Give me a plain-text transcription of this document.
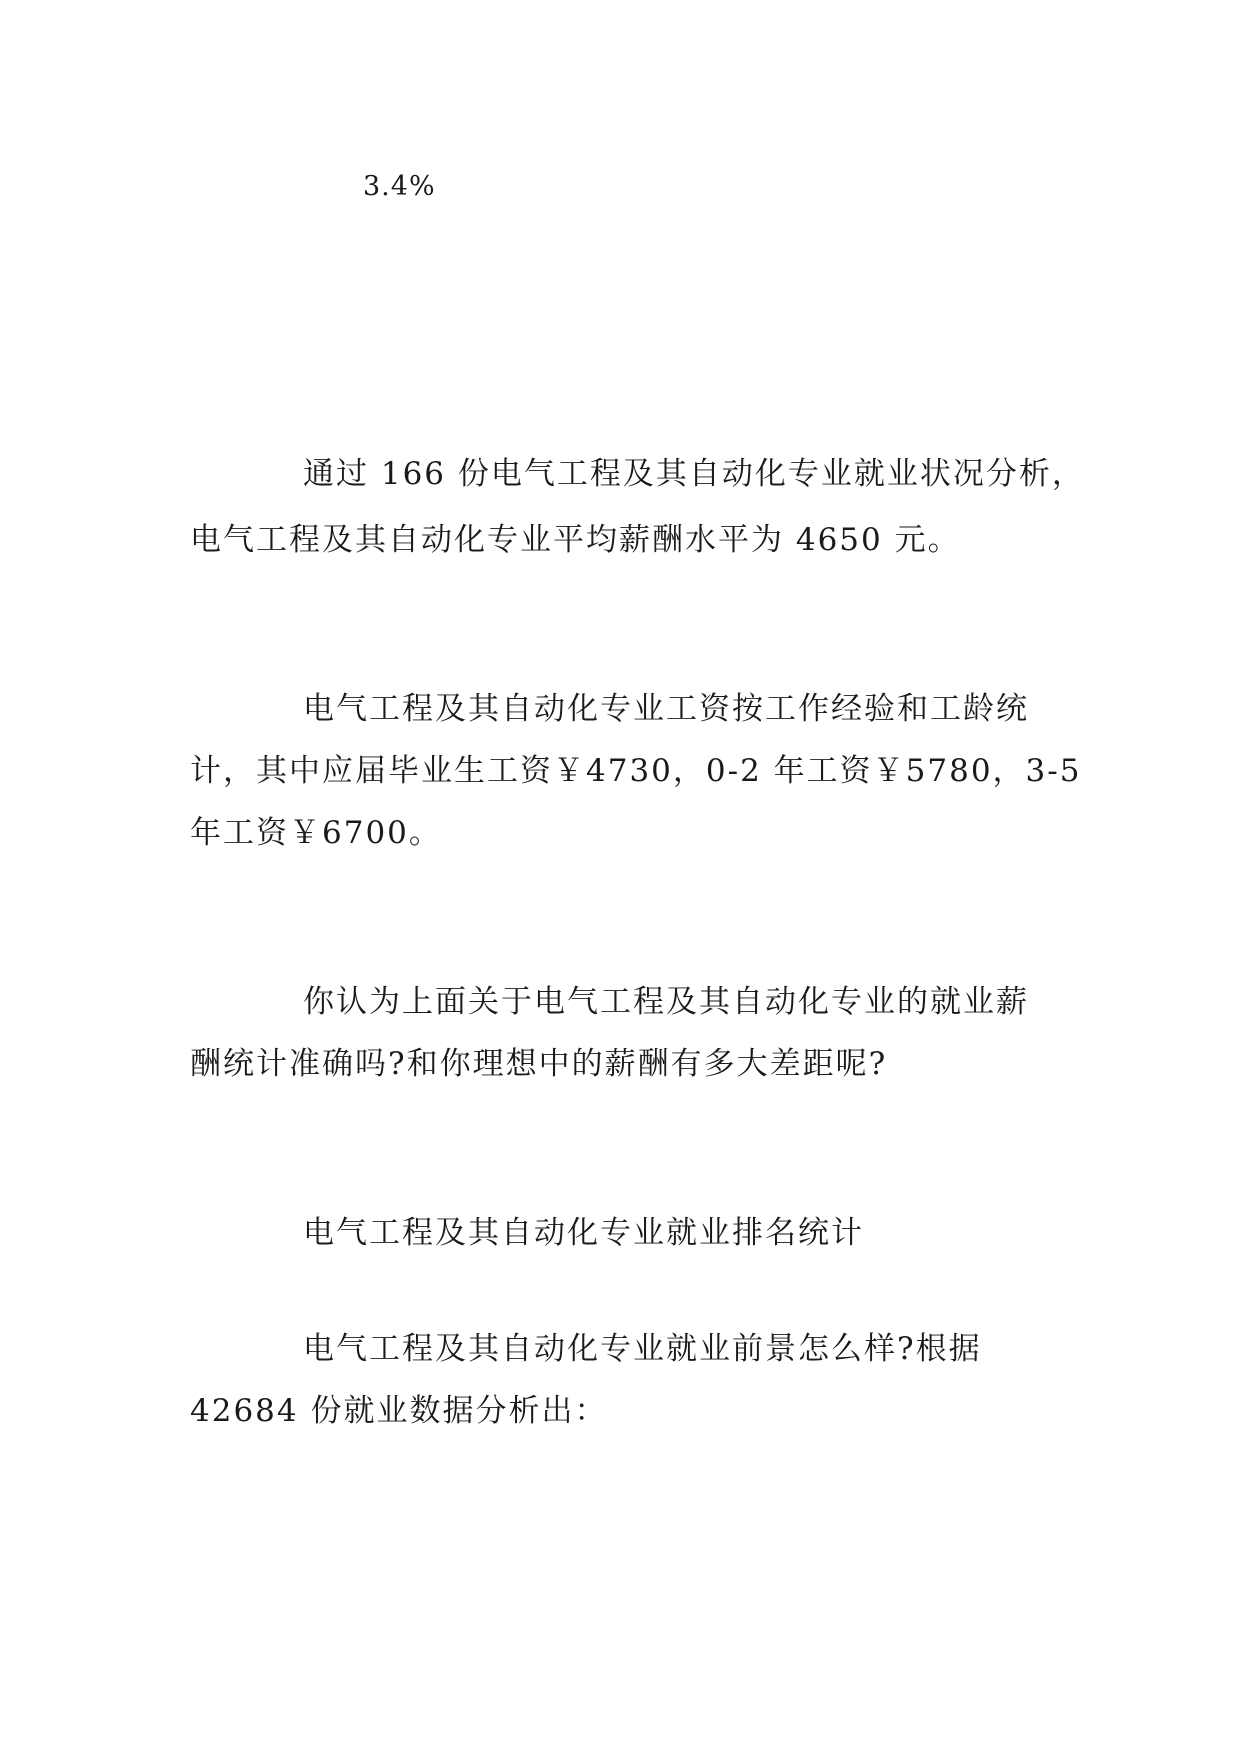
3.4%
通过 166 份电气工程及其自动化专业就业状况分析，
电气工程及其自动化专业平均薪酬水平为 4650 元。
电气工程及其自动化专业工资按工作经验和工龄统
计，其中应届毕业生工资￥4730，0-2 年工资￥5780，3-5
年工资￥6700。
你认为上面关于电气工程及其自动化专业的就业薪
酬统计准确吗?和你理想中的薪酬有多大差距呢?
电气工程及其自动化专业就业排名统计
电气工程及其自动化专业就业前景怎么样?根据
42684 份就业数据分析出：
